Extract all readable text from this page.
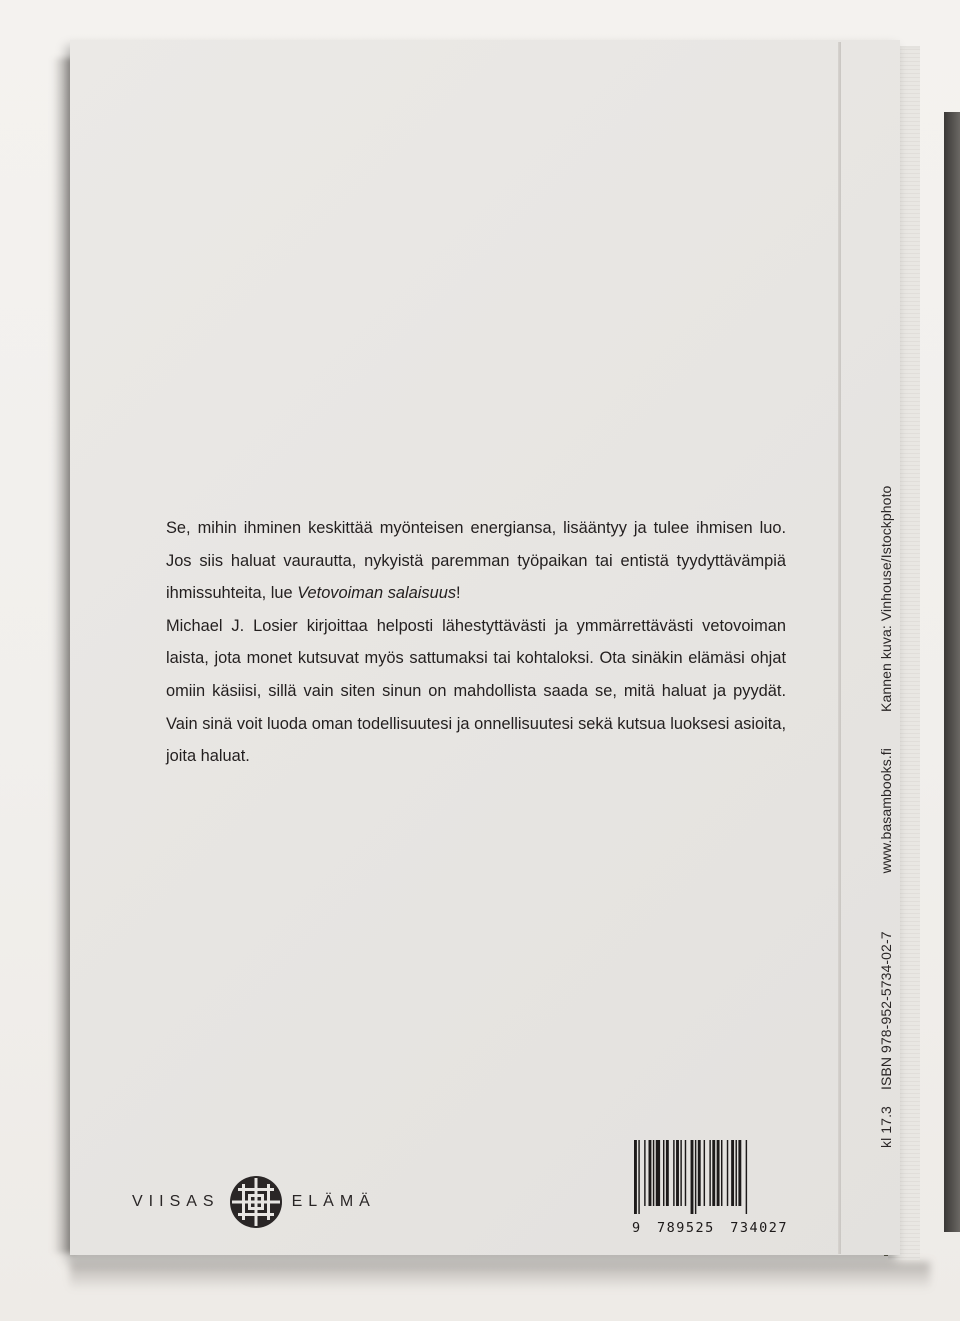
Se, mihin ihminen keskittää myönteisen energiansa, lisääntyy ja tulee ihmisen luo. Jos siis haluat vaurautta, nykyistä paremman työpaikan tai entistä tyydyttävämpiä ihmissuhteita, lue Vetovoiman salaisuus!

Michael J. Losier kirjoittaa helposti lähestyttävästi ja ymmärrettävästi vetovoiman laista, jota monet kutsuvat myös sattumaksi tai kohtaloksi. Ota sinäkin elämäsi ohjat omiin käsiisi, sillä vain siten sinun on mahdollista saada se, mitä haluat ja pyydät. Vain sinä voit luoda oman todellisuutesi ja onnellisuutesi sekä kutsua luoksesi asioita, joita haluat.

kl 17.3ISBN 978-952-5734-02-7www.basambooks.fiKannen kuva: Vinhouse/Istockphoto
VIISAS	ELÄMÄ
9 789525 734027
